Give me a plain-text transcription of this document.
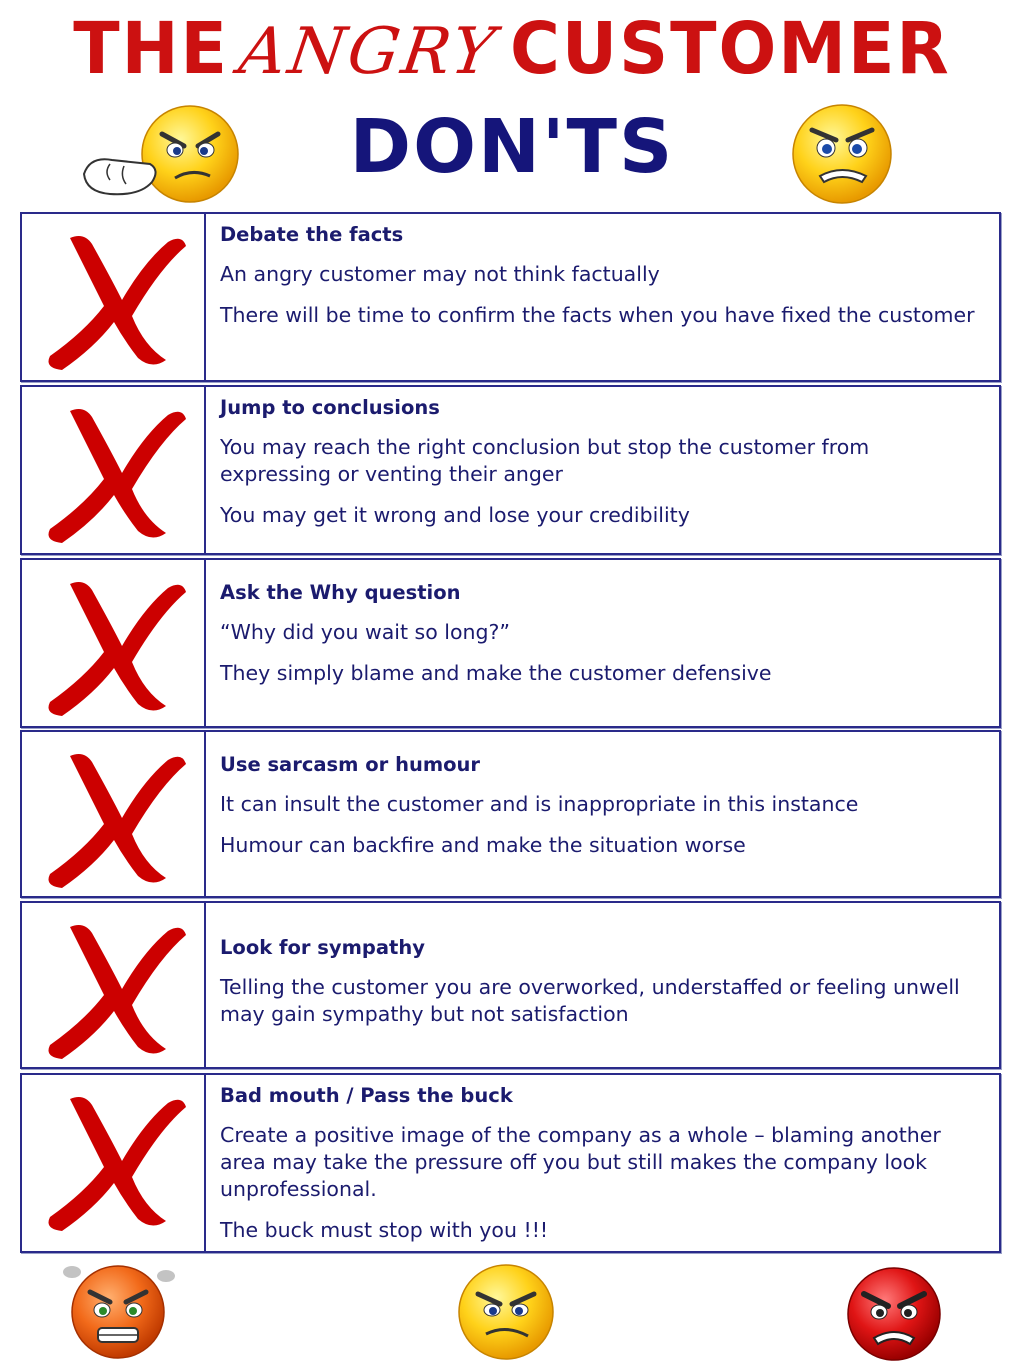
THE ANGRY CUSTOMER
DON'TS
Debate the facts
An angry customer may not think factually
There will be time to confirm the facts when you have fixed the customer
Jump to conclusions
You may reach the right conclusion but stop the customer from expressing or venting their anger
You may get it wrong and lose your credibility
Ask the Why question
“Why did you wait so long?”
They simply blame and make the customer defensive
Use sarcasm or humour
It can insult the customer and is inappropriate in this instance
Humour can backfire and make the situation worse
Look for sympathy
Telling the customer you are overworked, understaffed or feeling unwell may gain sympathy but not satisfaction
Bad mouth / Pass the buck
Create a positive image of the company as a whole – blaming another area may take the pressure off you but still makes the company look unprofessional.
The buck must stop with you !!!
